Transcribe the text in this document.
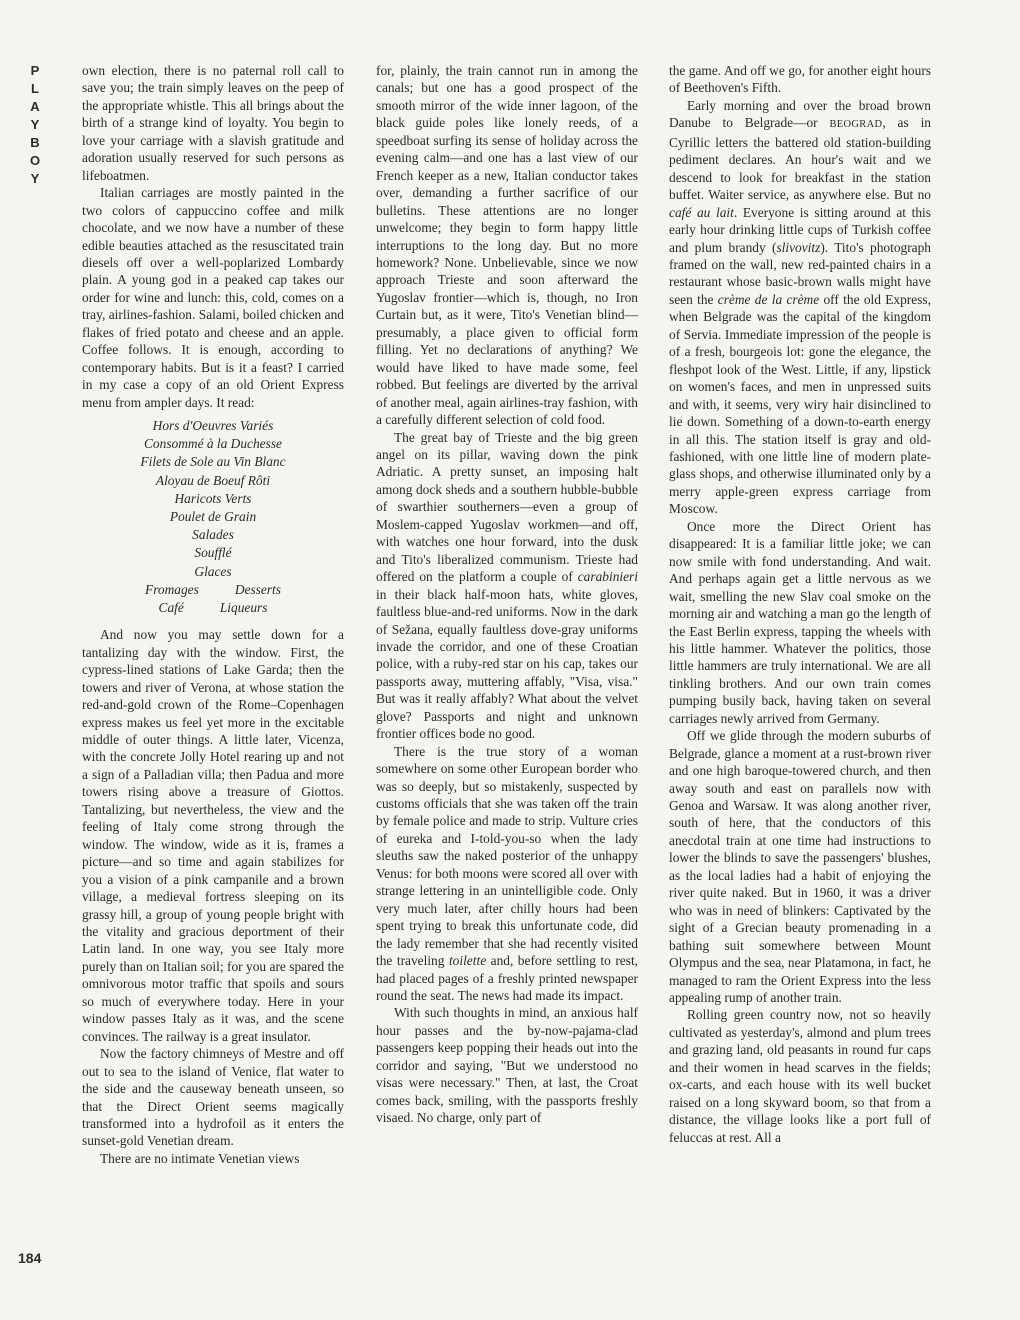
P
L
A
Y
B
O
Y

own election, there is no paternal roll call to save you; the train simply leaves on the peep of the appropriate whistle. This all brings about the birth of a strange kind of loyalty. You begin to love your carriage with a slavish gratitude and adoration usually reserved for such persons as lifeboatmen.

Italian carriages are mostly painted in the two colors of cappuccino coffee and milk chocolate, and we now have a number of these edible beauties attached as the resuscitated train diesels off over a well-poplarized Lombardy plain. A young god in a peaked cap takes our order for wine and lunch: this, cold, comes on a tray, airlines-fashion. Salami, boiled chicken and flakes of fried potato and cheese and an apple. Coffee follows. It is enough, according to contemporary habits. But is it a feast? I carried in my case a copy of an old Orient Express menu from ampler days. It read:

Hors d'Oeuvres Variés
Consommé à la Duchesse
Filets de Sole au Vin Blanc
Aloyau de Boeuf Rôti
Haricots Verts
Poulet de Grain
Salades
Soufflé
Glaces
Fromages	Desserts
Café	Liqueurs

And now you may settle down for a tantalizing day with the window. First, the cypress-lined stations of Lake Garda; then the towers and river of Verona, at whose station the red-and-gold crown of the Rome–Copenhagen express makes us feel yet more in the excitable middle of outer things. A little later, Vicenza, with the concrete Jolly Hotel rearing up and not a sign of a Palladian villa; then Padua and more towers rising above a treasure of Giottos. Tantalizing, but nevertheless, the view and the feeling of Italy come strong through the window. The window, wide as it is, frames a picture—and so time and again stabilizes for you a vision of a pink campanile and a brown village, a medieval fortress sleeping on its grassy hill, a group of young people bright with the vitality and gracious deportment of their Latin land. In one way, you see Italy more purely than on Italian soil; for you are spared the omnivorous motor traffic that spoils and sours so much of everywhere today. Here in your window passes Italy as it was, and the scene convinces. The railway is a great insulator.

Now the factory chimneys of Mestre and off out to sea to the island of Venice, flat water to the side and the causeway beneath unseen, so that the Direct Orient seems magically transformed into a hydrofoil as it enters the sunset-gold Venetian dream.

There are no intimate Venetian views

for, plainly, the train cannot run in among the canals; but one has a good prospect of the smooth mirror of the wide inner lagoon, of the black guide poles like lonely reeds, of a speedboat surfing its sense of holiday across the evening calm—and one has a last view of our French keeper as a new, Italian conductor takes over, demanding a further sacrifice of our bulletins. These attentions are no longer unwelcome; they begin to form happy little interruptions to the long day. But no more homework? None. Unbelievable, since we now approach Trieste and soon afterward the Yugoslav frontier—which is, though, no Iron Curtain but, as it were, Tito's Venetian blind—presumably, a place given to official form filling. Yet no declarations of anything? We would have liked to have made some, feel robbed. But feelings are diverted by the arrival of another meal, again airlines-tray fashion, with a carefully different selection of cold food.

The great bay of Trieste and the big green angel on its pillar, waving down the pink Adriatic. A pretty sunset, an imposing halt among dock sheds and a southern hubble-bubble of swarthier southerners—even a group of Moslem-capped Yugoslav workmen—and off, with watches one hour forward, into the dusk and Tito's liberalized communism. Trieste had offered on the platform a couple of carabinieri in their black half-moon hats, white gloves, faultless blue-and-red uniforms. Now in the dark of Sežana, equally faultless dove-gray uniforms invade the corridor, and one of these Croatian police, with a ruby-red star on his cap, takes our passports away, muttering affably, "Visa, visa." But was it really affably? What about the velvet glove? Passports and night and unknown frontier offices bode no good.

There is the true story of a woman somewhere on some other European border who was so deeply, but so mistakenly, suspected by customs officials that she was taken off the train by female police and made to strip. Vulture cries of eureka and I-told-you-so when the lady sleuths saw the naked posterior of the unhappy Venus: for both moons were scored all over with strange lettering in an unintelligible code. Only very much later, after chilly hours had been spent trying to break this unfortunate code, did the lady remember that she had recently visited the traveling toilette and, before settling to rest, had placed pages of a freshly printed newspaper round the seat. The news had made its impact.

With such thoughts in mind, an anxious half hour passes and the by-now-pajama-clad passengers keep popping their heads out into the corridor and saying, "But we understood no visas were necessary." Then, at last, the Croat comes back, smiling, with the passports freshly visaed. No charge, only part of

the game. And off we go, for another eight hours of Beethoven's Fifth.

Early morning and over the broad brown Danube to Belgrade—or BEOGRAD, as in Cyrillic letters the battered old station-building pediment declares. An hour's wait and we descend to look for breakfast in the station buffet. Waiter service, as anywhere else. But no café au lait. Everyone is sitting around at this early hour drinking little cups of Turkish coffee and plum brandy (slivovitz). Tito's photograph framed on the wall, new red-painted chairs in a restaurant whose basic-brown walls might have seen the crème de la crème off the old Express, when Belgrade was the capital of the kingdom of Servia. Immediate impression of the people is of a fresh, bourgeois lot: gone the elegance, the fleshpot look of the West. Little, if any, lipstick on women's faces, and men in unpressed suits and with, it seems, very wiry hair disinclined to lie down. Something of a down-to-earth energy in all this. The station itself is gray and old-fashioned, with one little line of modern plate-glass shops, and otherwise illuminated only by a merry apple-green express carriage from Moscow.

Once more the Direct Orient has disappeared: It is a familiar little joke; we can now smile with fond understanding. And wait. And perhaps again get a little nervous as we wait, smelling the new Slav coal smoke on the morning air and watching a man go the length of the East Berlin express, tapping the wheels with his little hammer. Whatever the politics, those little hammers are truly international. We are all tinkling brothers. And our own train comes pumping busily back, having taken on several carriages newly arrived from Germany.

Off we glide through the modern suburbs of Belgrade, glance a moment at a rust-brown river and one high baroque-towered church, and then away south and east on parallels now with Genoa and Warsaw. It was along another river, south of here, that the conductors of this anecdotal train at one time had instructions to lower the blinds to save the passengers' blushes, as the local ladies had a habit of enjoying the river quite naked. But in 1960, it was a driver who was in need of blinkers: Captivated by the sight of a Grecian beauty promenading in a bathing suit somewhere between Mount Olympus and the sea, near Platamona, in fact, he managed to ram the Orient Express into the less appealing rump of another train.

Rolling green country now, not so heavily cultivated as yesterday's, almond and plum trees and grazing land, old peasants in round fur caps and their women in head scarves in the fields; ox-carts, and each house with its well bucket raised on a long skyward boom, so that from a distance, the village looks like a port full of feluccas at rest. All a

184
